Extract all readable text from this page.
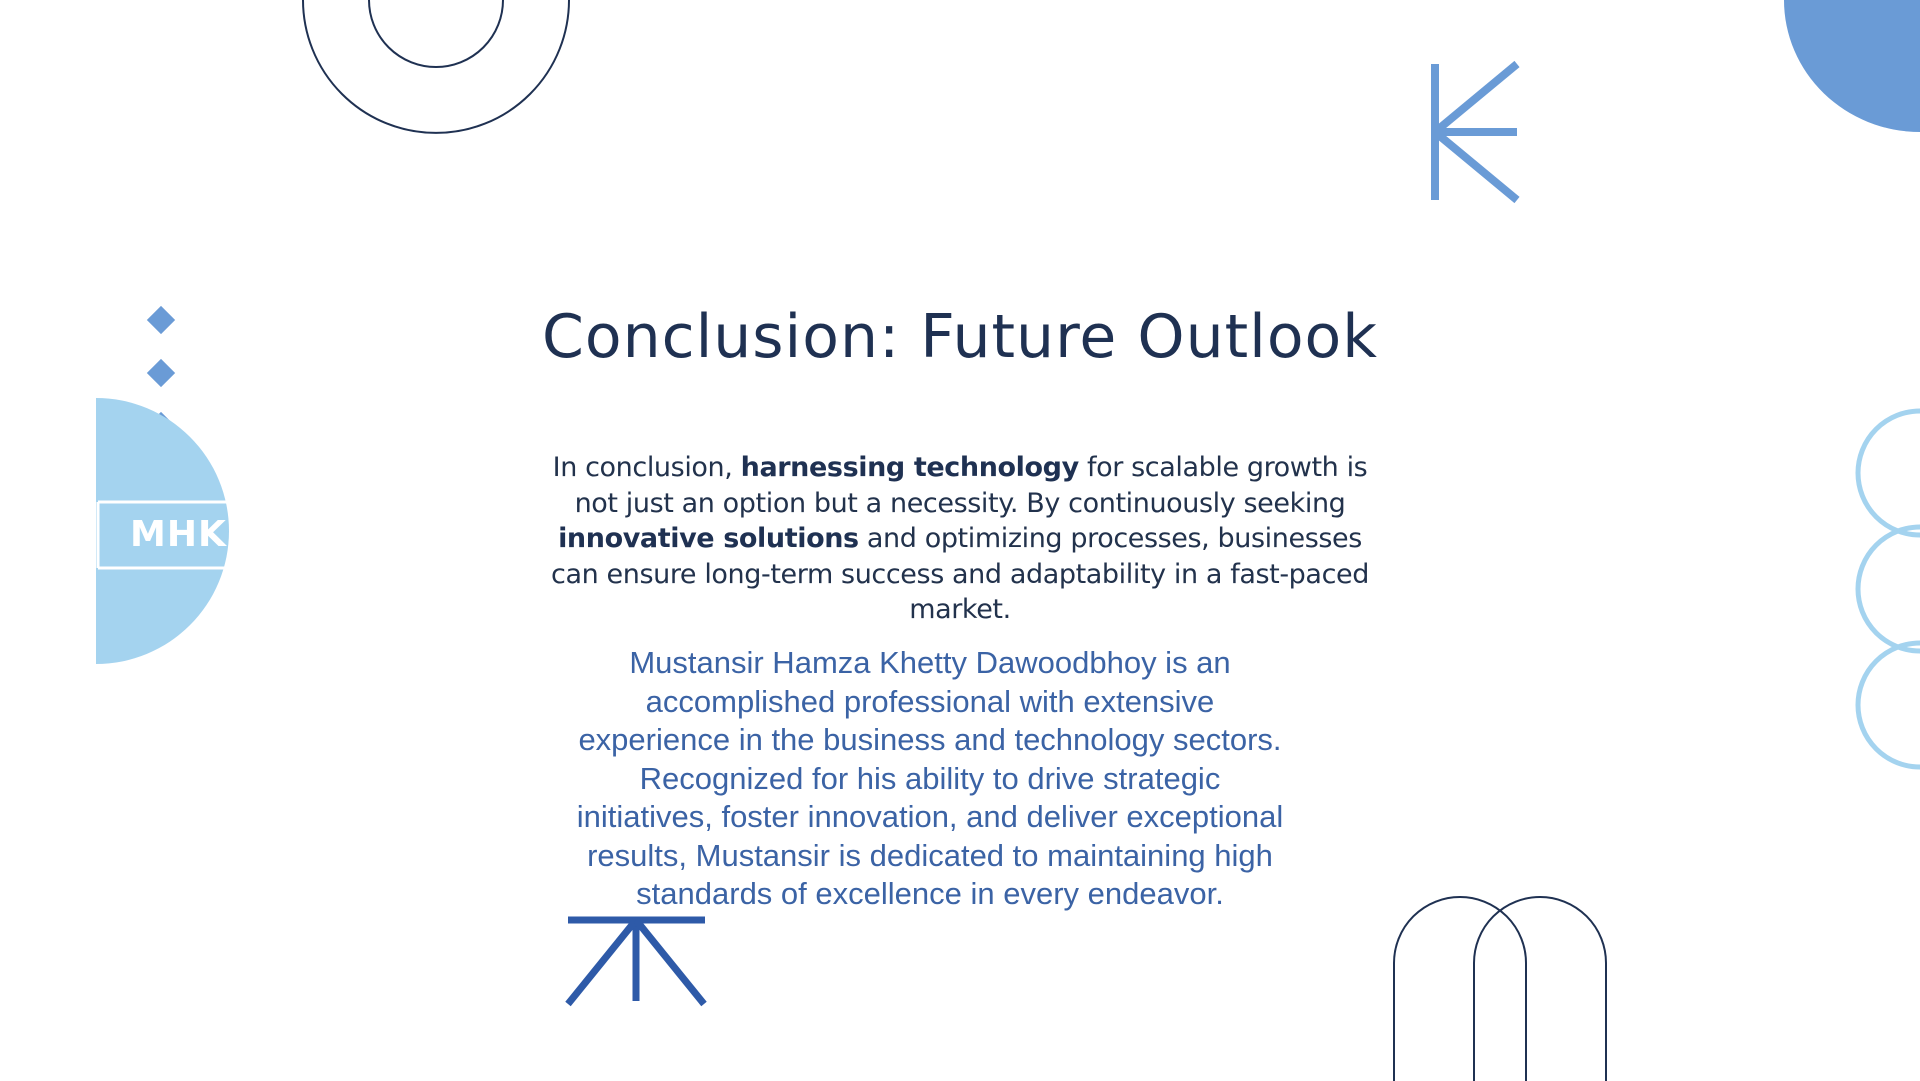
MHKD
Conclusion: Future Outlook

In conclusion, harnessing technology for scalable growth is not just an option but a necessity. By continuously seeking innovative solutions and optimizing processes, businesses can ensure long-term success and adaptability in a fast-paced market.

Mustansir Hamza Khetty Dawoodbhoy is an accomplished professional with extensive experience in the business and technology sectors. Recognized for his ability to drive strategic initiatives, foster innovation, and deliver exceptional results, Mustansir is dedicated to maintaining high standards of excellence in every endeavor.
